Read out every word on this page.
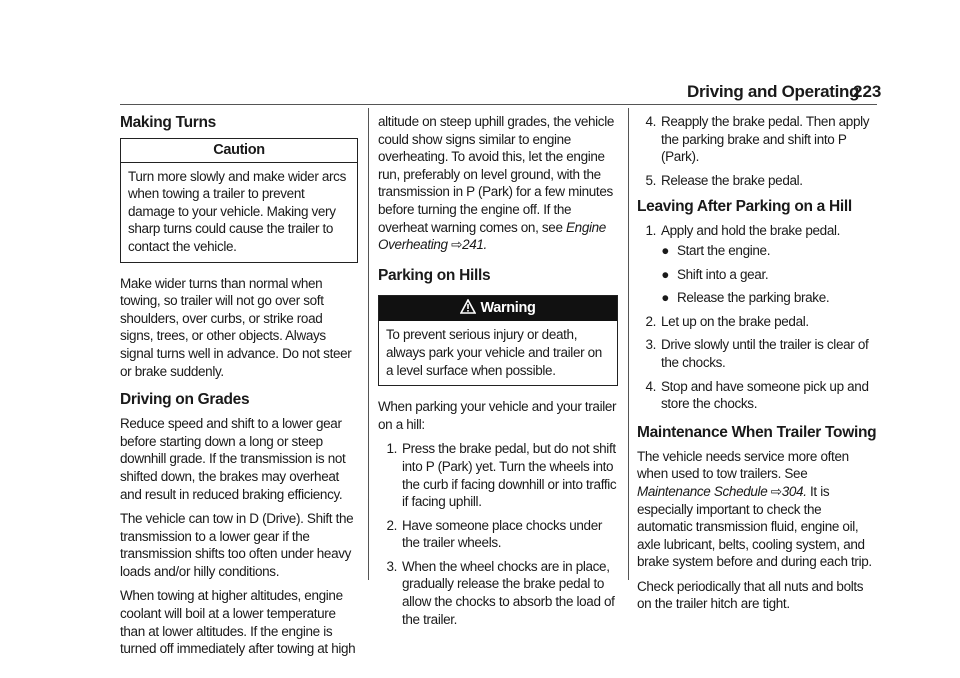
Driving and Operating
223
Making Turns
Caution
Turn more slowly and make wider arcs when towing a trailer to prevent damage to your vehicle. Making very sharp turns could cause the trailer to contact the vehicle.

Make wider turns than normal when towing, so trailer will not go over soft shoulders, over curbs, or strike road signs, trees, or other objects. Always signal turns well in advance. Do not steer or brake suddenly.

Driving on Grades

Reduce speed and shift to a lower gear before starting down a long or steep downhill grade. If the transmission is not shifted down, the brakes may overheat and result in reduced braking efficiency.

The vehicle can tow in D (Drive). Shift the transmission to a lower gear if the transmission shifts too often under heavy loads and/or hilly conditions.

When towing at higher altitudes, engine coolant will boil at a lower temperature than at lower altitudes. If the engine is turned off immediately after towing at high

altitude on steep uphill grades, the vehicle could show signs similar to engine overheating. To avoid this, let the engine run, preferably on level ground, with the transmission in P (Park) for a few minutes before turning the engine off. If the overheat warning comes on, see Engine Overheating ⇨241.

Parking on Hills
Warning
To prevent serious injury or death, always park your vehicle and trailer on a level surface when possible.

When parking your vehicle and your trailer on a hill:

1. Press the brake pedal, but do not shift into P (Park) yet. Turn the wheels into the curb if facing downhill or into traffic if facing uphill.
2. Have someone place chocks under the trailer wheels.
3. When the wheel chocks are in place, gradually release the brake pedal to allow the chocks to absorb the load of the trailer.
4. Reapply the brake pedal. Then apply the parking brake and shift into P (Park).
5. Release the brake pedal.
Leaving After Parking on a Hill
1. Apply and hold the brake pedal.
● Start the engine.
● Shift into a gear.
● Release the parking brake.
2. Let up on the brake pedal.
3. Drive slowly until the trailer is clear of the chocks.
4. Stop and have someone pick up and store the chocks.
Maintenance When Trailer Towing

The vehicle needs service more often when used to tow trailers. See Maintenance Schedule ⇨304. It is especially important to check the automatic transmission fluid, engine oil, axle lubricant, belts, cooling system, and brake system before and during each trip.

Check periodically that all nuts and bolts on the trailer hitch are tight.
